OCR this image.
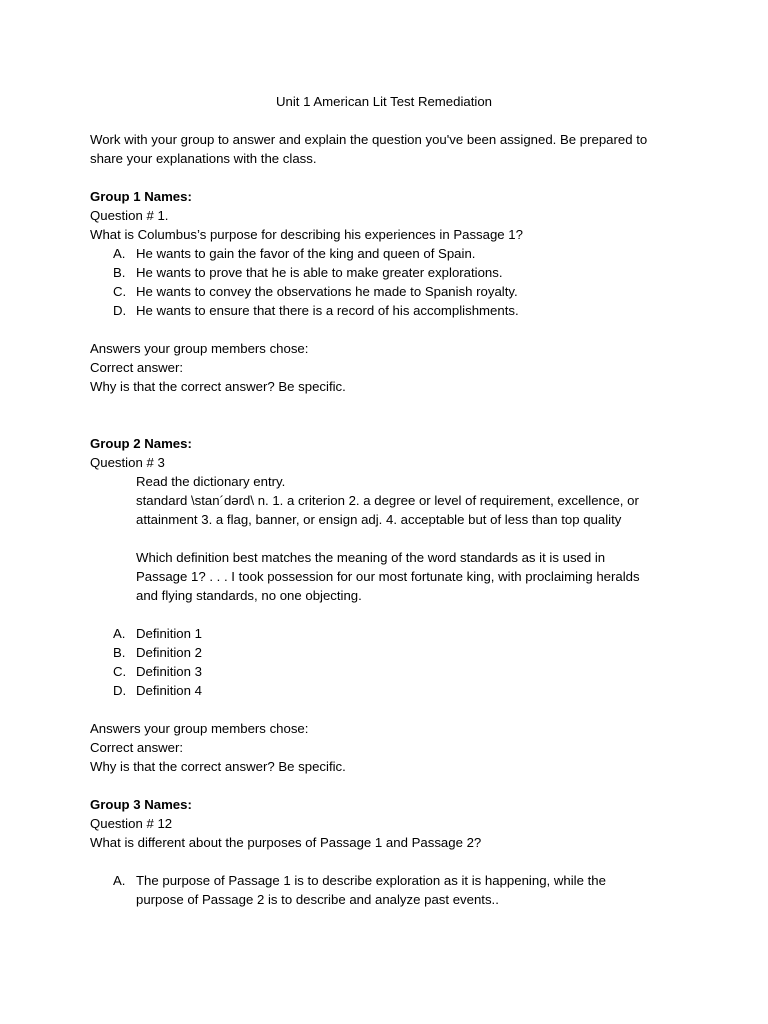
Unit 1 American Lit Test Remediation

Work with your group to answer and explain the question you've been assigned. Be prepared to

share your explanations with the class.

Group 1 Names:

Question # 1.

What is Columbus’s purpose for describing his experiences in Passage 1?

A. He wants to gain the favor of the king and queen of Spain.
B. He wants to prove that he is able to make greater explorations.
C. He wants to convey the observations he made to Spanish royalty.
D. He wants to ensure that there is a record of his accomplishments.

Answers your group members chose:

Correct answer:

Why is that the correct answer? Be specific.

Group 2 Names:

Question # 3

Read the dictionary entry.

standard \stan´dərd\ n. 1. a criterion 2. a degree or level of requirement, excellence, or

attainment 3. a flag, banner, or ensign adj. 4. acceptable but of less than top quality

Which definition best matches the meaning of the word standards as it is used in

Passage 1? . . . I took possession for our most fortunate king, with proclaiming heralds

and flying standards, no one objecting.

A. Definition 1
B. Definition 2
C. Definition 3
D. Definition 4

Answers your group members chose:

Correct answer:

Why is that the correct answer? Be specific.

Group 3 Names:

Question # 12

What is different about the purposes of Passage 1 and Passage 2?

A. The purpose of Passage 1 is to describe exploration as it is happening, while the
purpose of Passage 2 is to describe and analyze past events..
